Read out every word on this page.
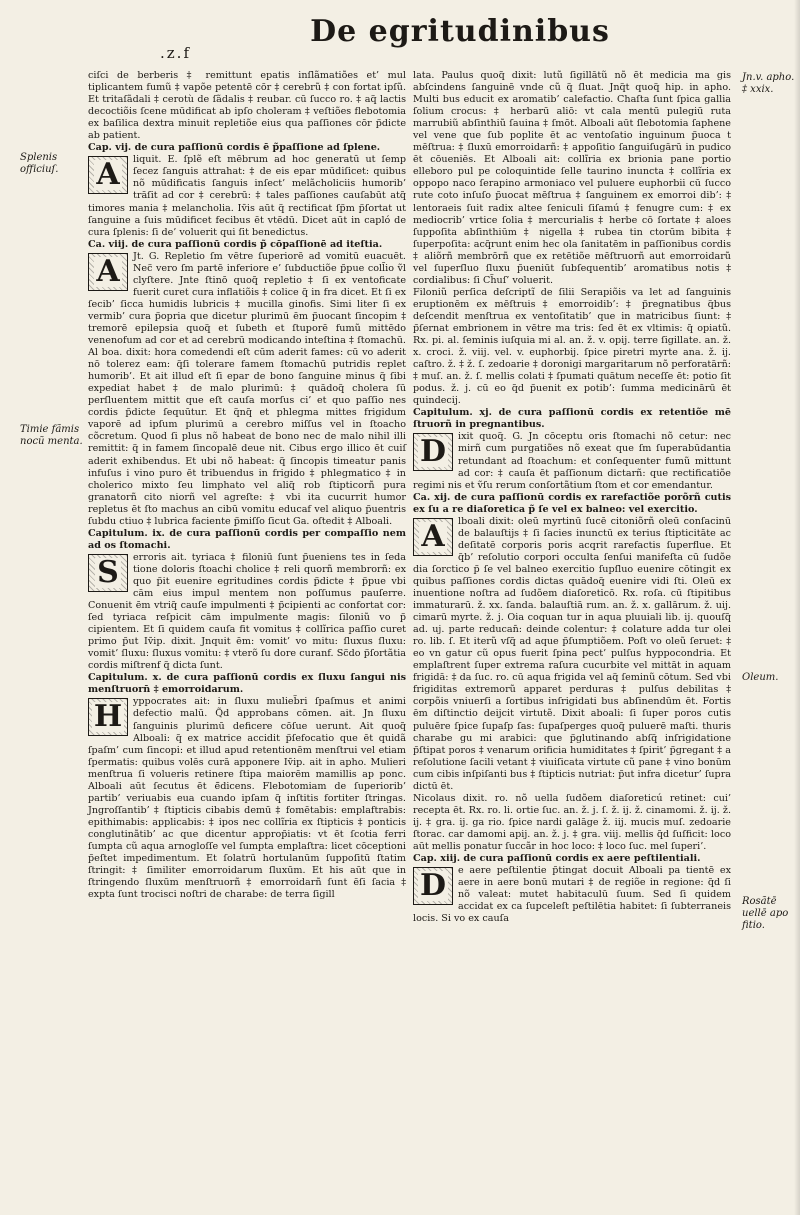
.z.f
De egritudinibus
Splenis officiuſ.
Timie fãmis nocũ menta.
Jn.v. apho. ‡ xxix.
Oleum.
Rosãtē uellē apo fitio.

ciſci de berberis ‡ remittunt epatis inſlãmatiões et’ mul tiplicantem fumũ ‡ vapõe petentē cōr ‡ cerebrũ ‡ con fortat ipſũ. Et tritaſãdali ‡ cerotù de ſãdalis ‡ reubar. cū ſucco ro. ‡ aq̃ lactis decoctiõis ſcene mūdificat ab ipſo choleram ‡ veſtiões flebotomia ex baſilica dextra minuit repletiõe eius qua paſſiones cōr p̃dicte ab patient.

Cap. vij. de cura paſſionū cordis ē p̃paſſione ad ſplene.

A liquit. E. ſplẽ eſt mēbrum ad hoc generatū ut ſemp ſecez ſanguis attrahat: ‡ de eis epar mūdiſicet: quibus nõ mūdificatis ſanguis inſect’ melãcholiciis humorib’ trāſit ad cor ‡ cerebrū: ‡ tales paſſiones cauſabūt atq̃ timores mania ‡ melancholia. Iv̄is aūt q̃ rectificat ſp̃m p̃ſortat ut ſanguine a ſuis mūdificet fecibus ēt vtēdū. Dicet aūt in capló de cura ſplenis: ſi de’ voluerit qui ſit benedictus.

Ca. viij. de cura paſſionū cordis p̃ cōpaſſionē ad iteſtia.

A Jt. G. Repletio ſm vētre ſuperiorē ad vomitū euacuēt. Nec̃ vero ſm partē inferiore e’ ſubductiõe p̃pue coll̃io ṽl clyſtere. Jnte ſtinō quoq̃ repletio ‡ ſi ex ventoficate fuerit curet cura inflatiõis ‡ colice q̃ in fra dicet. Et ſi ex ſecib’ ſicca humidis lubricis ‡ mucilla ginofis. Simi liter ſi ex vermib’ cura p̃opria que dicetur plurimū ēm p̃uocant ſincopim ‡ tremorē epilepsia quoq̃ et ſubeth et ſtuporē fumũ mittēdo venenofum ad cor et ad cerebrū modicando inteſtina ‡ ſtomachū. Al boa. dixit: hora comedendi eſt cūm aderit fames: cū vo aderit nō tolerez eam: q̃ſi tolerare famem ſtomachū putridis replet humorib’. Et ait illud eſt ſi epar de bono ſanguine minus q̃ ſibi expediat habet ‡ de malo plurimū: ‡ quādoq̃ cholera ſū perſluentem mittit que eſt cauſa morſus ci’ et quo paſſio nes cordis p̃dicte ſequūtur. Et q̃nq̃ et phlegma mittes frigidum vaporē ad ipſum plurimū a cerebro miſſus vel in ſtoacho cõcretum. Quod ſi plus nõ habeat de bono nec de malo nihil illi remittit: q̃ in famem ſincopalē deue nit. Cibus ergo illico ēt cuiſ aderit exhibendus. Et ubi nõ habeat: q̃ ſincopis timeatur panis infuſus i vino puro ēt tribuendus in frigido ‡ phlegmatico ‡ in cholerico mixto ſeu limphato vel aliq̃ rob ſtipticorñ pura granatorñ cito niorñ vel agreſte: ‡ vbi ita cucurrit humor repletus ēt ſto machus an cibū vomitu educaf vel aliquo p̃uentris ſubdu ctiuo ‡ lubrica faciente p̃miſſo ſicut Ga. oſtedit ‡ Alboali.

Capitulum. ix. de cura paſſionū cordis per compaſſio nem ad os ſtomachi.

S erroris ait. tyriaca ‡ filoniū ſunt p̃ueniens tes in ſeda tione doloris ſtoachi cholice ‡ reli quorñ membrorñ: ex quo p̃it euenire egritudines cordis p̃dicte ‡ p̃pue vbi cām eius impul mentem non poſſumus pauſerre. Conuenit ēm vtriq̃ cauſe impulmenti ‡ p̃cipienti ac confortat cor: ſed tyriaca reſpicit cām impulmente magis: ſiloniũ vo p̃ cipientem. Et ſi quidem cauſa fit vomitus ‡ collĩrica paſſio curet primo p̃ut Iv̄ip. dixit. Jnquit ēm: vomit’ vo mitu: ſluxus ſluxu: vomit’ ſluxu: ſluxus vomitu: ‡ vterõ ſu dore curanf. Sc̃do p̃ſortãtia cordis miſtrenf q̃ dicta ſunt.

Capitulum. x. de cura paſſionū cordis ex ſluxu ſangui nis menſtruorn̄ ‡ emorroidarum.

H yppocrates ait: in ſluxu mulieb̃ri ſpaſmus et animi defectio malū. Q̃d approbans cōmen. ait. Jn ſluxu ſanguinis plurimū deficere cōſue uerunt. Ait quoq̃ Alboali: q̃ ex matrice accidit p̃ſefocatio que ēt quidã ſpaſm’ cum ſincopi: et illud apud retentionēm menſtrui vel etiam ſpermatis: quibus volēs curā apponere Iv̄ip. ait in apho. Mulieri menſtrua ſi volueris retinere ſtipa maiorēm mamillis ap ponc. Alboali aūt ſecutus ēt ē̄dicens. Flebotomiam de ſuperiorib’ partib’ veriuabis eua cuando ipſam q̃ inſtitis fortiter ſtringas. Jngroſſantib’ ‡ ſtipticis cibabis demū ‡ fomētabis: emplaftrabis: epithimabis: applicabis: ‡ ipos nec collĩria ex ſtipticis ‡ ponticis conglutinãtib’ ac que dicentur approp̃iatis: vt ēt ſcotia ferri ſumpta cũ aqua arnogloſſe vel ſumpta emplaſtra: licet cōceptioni p̃eſtet impedimentum. Et ſolatrū hortulanūm ſuppoſitū ſtatim ſtringit: ‡ ſimiliter emorroidarum ſluxūm. Et his aūt que in ſtringendo ſluxūm menſtruorñ ‡ emorroidarñ ſunt ēſi ſacia ‡ expta ſunt trocisci noſtri de charabe: de terra ſigill

lata. Paulus quoq̃ dixit: lutũ ſigillātũ nõ ēt medicia ma gis abſcindens ſanguinē vnde cũ q̃ ſluat. Jnq̃t quoq̃ hip. in apho. Multi bus educit ex aromatib’ calefactio. Chaſta ſunt ſpica gallia ſolium crocus: ‡ herbarū aliō: vt cala mentū pulegiū ruta marrubiũ abſinthiũ ſauina ‡ ſmōt. Alboali aūt ſlebotomia ſaphene vel vene que ſub poplite ēt ac ventoſatio inguinum p̃uoca t mēſtrua: ‡ ſluxū emorroidarñ: ‡ appoſitio ſanguiſugārū in pudico ēt cōueniēs. Et Alboali ait: collĩria ex brionia pane portio elleboro pul pe coloquintide ſelle taurino inuncta ‡ collĩria ex oppopo naco ſerapino armoniaco vel puluere euphorbii cū ſucco rute coto inſuſo p̃uocat mēſtrua ‡ ſanguinem ex emorroi dib’: ‡ lentoraeis ſuit radix altee ſeniculi ſiſamú ‡ fenugre cum: ‡ ex mediocrib’ vrtice ſolia ‡ mercurialis ‡ herbe cō ſortate ‡ aloes ſuppoſita abſinthiūm ‡ nigella ‡ rubea tin ctorūm bibita ‡ ſuperpoſita: acq̃runt enim hec ola ſanitatēm in paſſionibus cordis ‡ aliõrñ membrōrñ que ex retētiõe mēſtruorñ aut emorroidarũ vel ſuperſluo ſluxu p̃ueniūt ſubſequentib’ aromatibus notis ‡ cordialibus: ſi Ch̃uſ’ voluerit.

Filoniũ perſica deſcriptĩ de ſilii Serapiõis va let ad ſanguinis eruptionēm ex mēſtruis ‡ emorroidib’: ‡ p̃regnatibus q̃bus deſcendit menſtrua ex ventoſitatib’ que in matricibus ſiunt: ‡ p̃ſernat embrionem in vētre ma tris: ſed ēt ex vltimis: q̃ opiatũ. Rx. pi. al. ſeminis iuſquia mi al. an. ž. v. opij. terre ſigillate. an. ž. x. croci. ž. viij. vel. v. euphorbij. ſpice piretri myrte ana. ž. ij. caſtro. ž. ‡ ž. ſ. zedoarie ‡ doronigi margaritarum nõ perforatārñ: ‡ muſ. an. ž. ſ. mellis colati ‡ ſpumati quātum neceſſe ēt: potio ſit podus. ž. j. cū eo q̃d p̃uenit ex potib’: ſumma medicinārū ēt quindecij.

Capitulum. xj. de cura paſſionū cordis ex retentiõe mē ſtruorñ in pregnantibus.

D ixit quoq̃. G. Jn cōceptu oris ſtomachi nõ cetur: nec mirñ cum purgatiões nõ exeat que ſm ſuperabūdantia retundant ad ſtoachum: et conſequenter fumũ mittunt ad cor: ‡ cauſa ēt paſſionum dictarñ: que rectificatiõe regimi nis et ṽſu rerum conſortãtium ſtom et cor emendantur.

Ca. xij. de cura paſſionū cordis ex rarefactiõe porõrñ cutis ex ſu a re diaſoretica p̃ ſe vel ex balneo: vel exercitio.

A lboali dixit: oleū myrtinū ſucē citoniõrñ oleū conſacinū de balauſtijs ‡ ſi ſacies inunctū ex terius ſtipticitāte ac deſitatē corporis poris acqrit rarefactis ſuperflue. Et q̃b’ reſolutio corpori occulta ſenſui manifeſta cū ſudõe dia ſorctico p̃ ſe vel balneo exercitio ſupſluo euenire cōtingit ex quibus paſſiones cordis dictas quādoq̃ euenire vidi ſti. Oleū ex inuentione noſtra ad ſudõem diaſoreticō. Rx. roſa. cū ſtipitibus immaturarū. ž. xx. ſanda. balauſtiā rum. an. ž. x. gallārum. ž. uij. cimarū myrte. ž. j. Oia coquan tur in aqua pluuiali lib. ij. quouſq̃ ad. uj. parte reducan̄: deinde colentur: ‡ colature adda tur olei ro. lib. ſ. Et iterũ vſq̃ ad aque p̃ſumptiõem. Poſt vo oleũ ſeruet: ‡ eo vn gatur cũ opus fuerit ſpina pect’ pulſus hyppocondria. Et emplaſtrent ſuper extrema raſura cucurbite vel mittāt in aquam frigidā: ‡ da ſuc. ro. cū aqua frigida vel aq̃ ſeminũ cōtum. Sed vbi frigiditas extremorũ apparet perduras ‡ pulſus debilitas ‡ corpõis vniuerſi a ſortibus inſrigidati bus abſinendūm ēt. Fortis ēm diſtinctio deijcit virtutẽ. Dixit aboali: ſi ſuper poros cutis puluēre ſpice ſupaſp ſas: ſupaſperges quoq̃ puluerē maſti. thuris charabe gu mi arabici: que p̃glutinando abſq̃ inſrigidatione p̃ſtipat poros ‡ venarum orificia humiditates ‡ ſpirit’ p̃gregant ‡ a reſolutione ſacili vetant ‡ viuiſicata virtute cũ pane ‡ vino bonūm cum cibis inſpiſanti bus ‡ ſtipticis nutriat: p̃ut infra dicetur’ ſupra dictū ēt.

Nicolaus dixit. ro. nõ uella ſudõem diaſoreticú retinet: cui’ recepta ēt. Rx. ro. li. ortie ſuc. an. ž. j. ſ. ž. ij. ž. cinamomi. ž. ij. ž. ij. ‡ gra. ij. ga rio. ſpice nardi galāge ž. iij. mucis muſ. zedoarie ſtorac. car damomi apij. an. ž. j. ‡ gra. viij. mellis q̃d ſuſficit: loco aūt mellis ponatur ſuccãr in hoc loco: ‡ loco ſuc. mel ſuperi’.

Cap. xiij. de cura paſſionū cordis ex aere peſtilentiali.

D e aere peſtilentie p̃tingat docuit Alboali pa tientē ex aere in aere bonū mutari ‡ de regiõe in regione: q̃d ſi nõ valeat: mutet habitaculū ſuum. Sed ſi quidem accidat ex ca ſupceleſt peſtilētia habitet: ſi ſubterraneis locis. Si vo ex cauſa
